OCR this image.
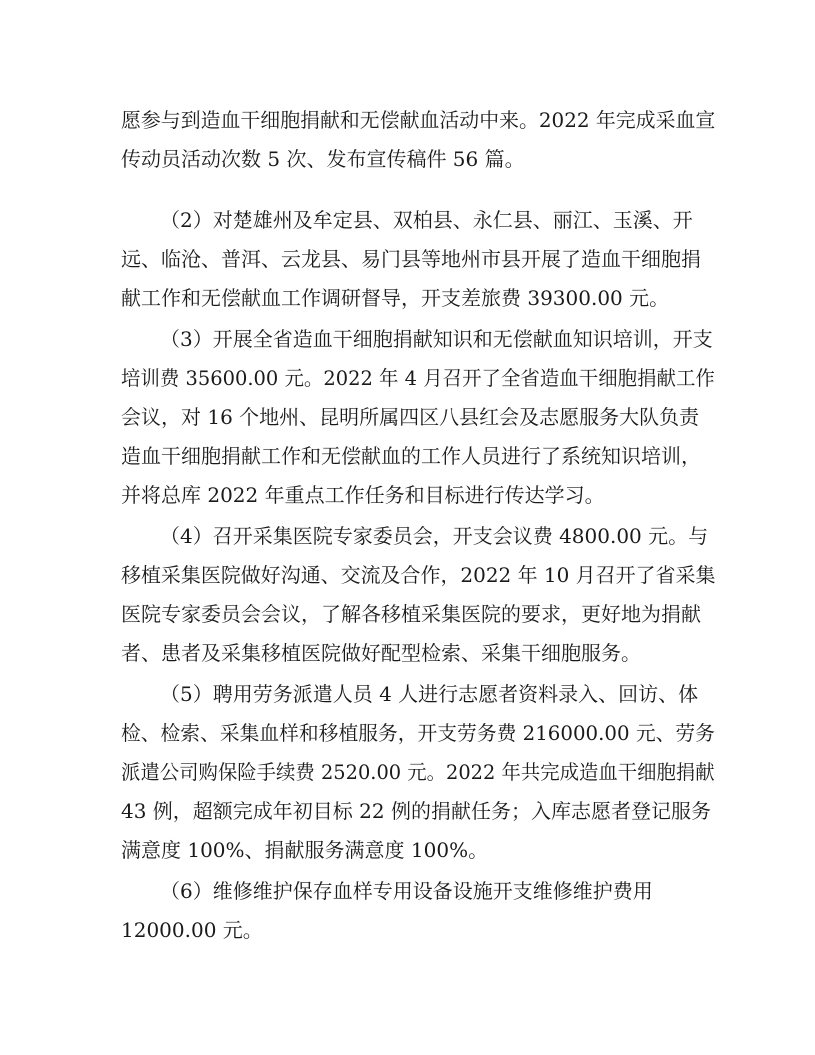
愿参与到造血干细胞捐献和无偿献血活动中来。2022 年完成采血宣
传动员活动次数 5 次、发布宣传稿件 56 篇。
（2）对楚雄州及牟定县、双柏县、永仁县、丽江、玉溪、开
远、临沧、普洱、云龙县、易门县等地州市县开展了造血干细胞捐
献工作和无偿献血工作调研督导，开支差旅费 39300.00 元。
（3）开展全省造血干细胞捐献知识和无偿献血知识培训，开支
培训费 35600.00 元。2022 年 4 月召开了全省造血干细胞捐献工作
会议，对 16 个地州、昆明所属四区八县红会及志愿服务大队负责
造血干细胞捐献工作和无偿献血的工作人员进行了系统知识培训，
并将总库 2022 年重点工作任务和目标进行传达学习。
（4）召开采集医院专家委员会，开支会议费 4800.00 元。与
移植采集医院做好沟通、交流及合作，2022 年 10 月召开了省采集
医院专家委员会会议，了解各移植采集医院的要求，更好地为捐献
者、患者及采集移植医院做好配型检索、采集干细胞服务。
（5）聘用劳务派遣人员 4 人进行志愿者资料录入、回访、体
检、检索、采集血样和移植服务，开支劳务费 216000.00 元、劳务
派遣公司购保险手续费 2520.00 元。2022 年共完成造血干细胞捐献
43 例，超额完成年初目标 22 例的捐献任务；入库志愿者登记服务
满意度 100%、捐献服务满意度 100%。
（6）维修维护保存血样专用设备设施开支维修维护费用
12000.00 元。
